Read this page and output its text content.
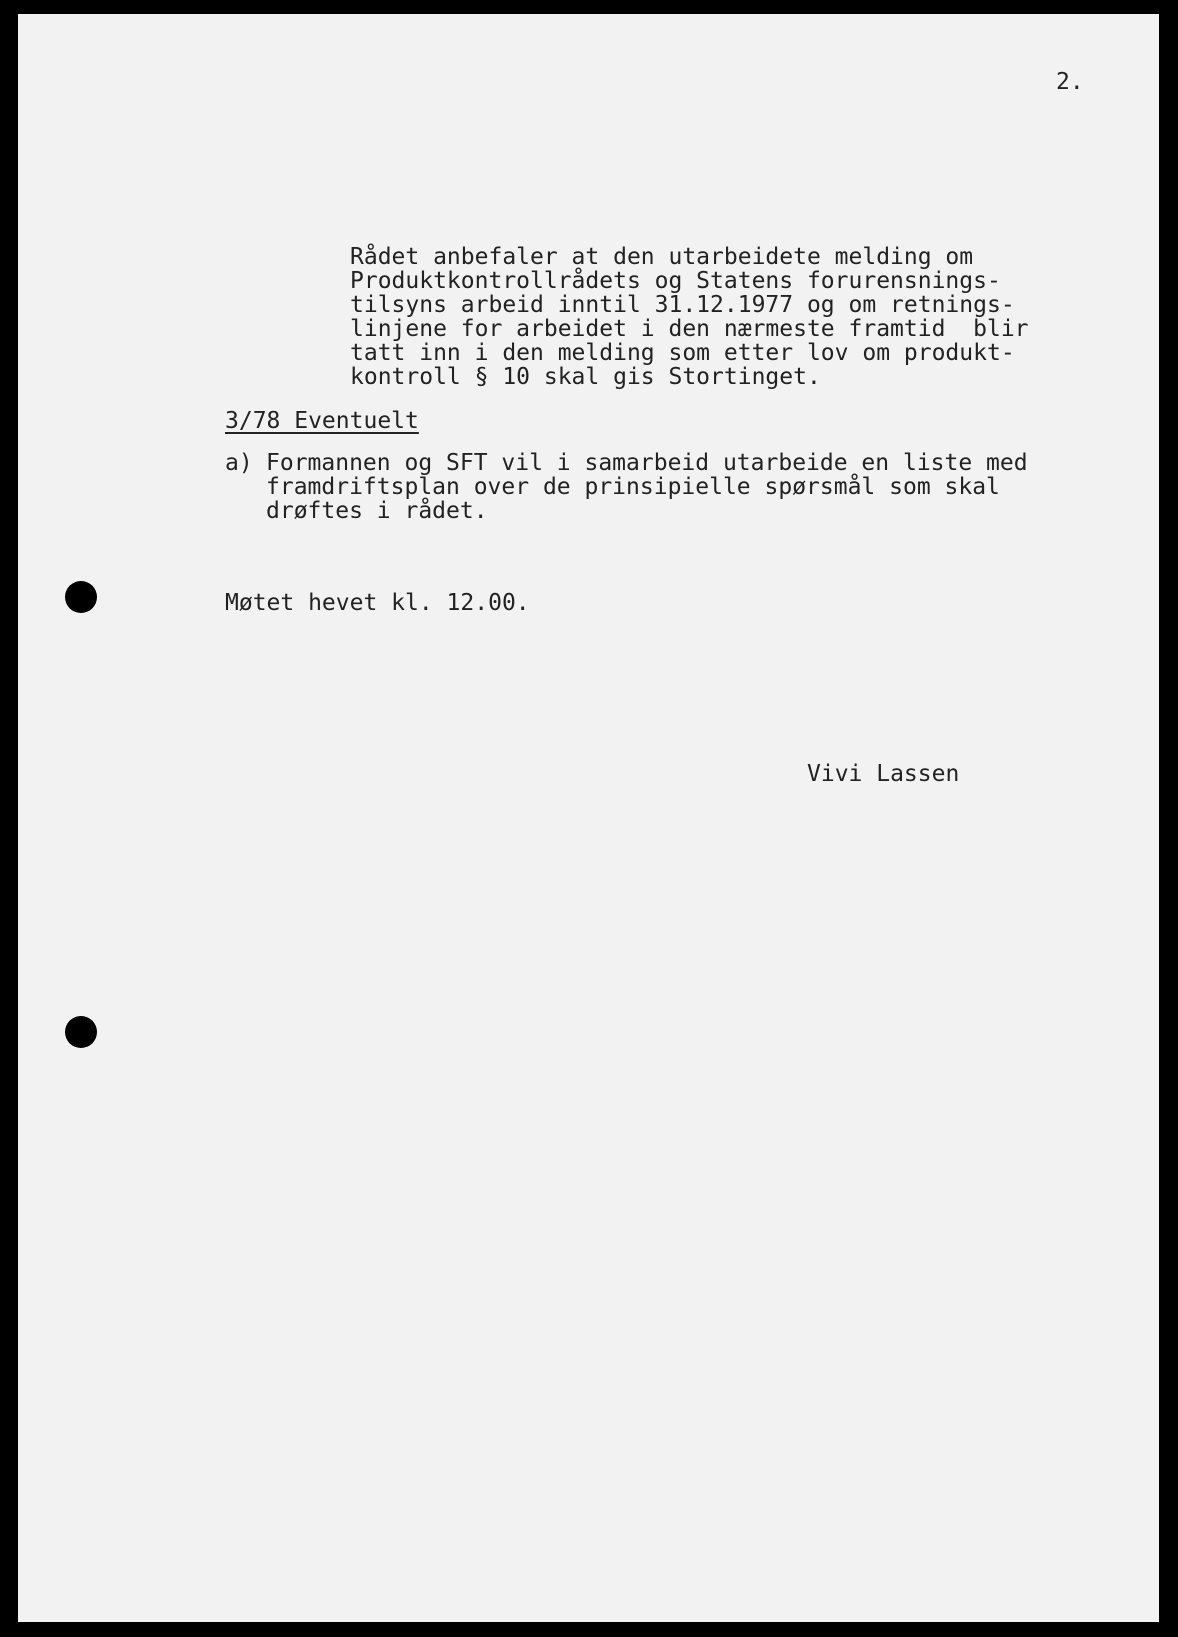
2.
Rådet anbefaler at den utarbeidete melding om
Produktkontrollrådets og Statens forurensnings-
tilsyns arbeid inntil 31.12.1977 og om retnings-
linjene for arbeidet i den nærmeste framtid  blir
tatt inn i den melding som etter lov om produkt-
kontroll § 10 skal gis Stortinget.
3/78 Eventuelt
a) Formannen og SFT vil i samarbeid utarbeide en liste med
framdriftsplan over de prinsipielle spørsmål som skal
drøftes i rådet.
Møtet hevet kl. 12.00.
Vivi Lassen
